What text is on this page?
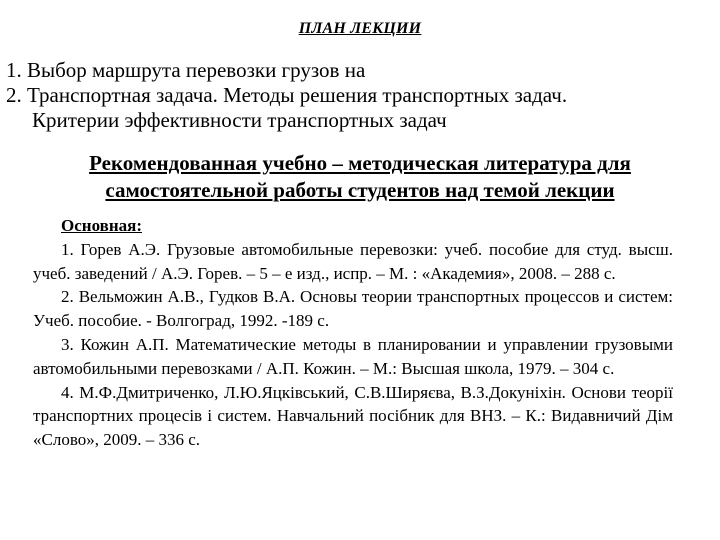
ПЛАН ЛЕКЦИИ
1. Выбор маршрута перевозки грузов на
2. Транспортная задача. Методы решения транспортных задач.
Критерии эффективности транспортных задач
Рекомендованная учебно – методическая литература для
самостоятельной работы студентов над темой лекции

Основная:

1. Горев А.Э. Грузовые автомобильные перевозки: учеб. пособие для студ. высш. учеб. заведений / А.Э. Горев. – 5 – е изд., испр. – М. : «Академия», 2008. – 288 с.

2. Вельможин А.В., Гудков В.А. Основы теории транспортных процессов и систем: Учеб. пособие. - Волгоград, 1992. -189 с.

3. Кожин А.П. Математические методы в планировании и управлении грузовыми автомобильными перевозками / А.П. Кожин. – М.: Высшая школа, 1979. – 304 с.

4. М.Ф.Дмитриченко, Л.Ю.Яцківський, С.В.Ширяєва, В.З.Докуніхін. Основи теорії транспортних процесів і систем. Навчальний посібник для ВНЗ. – К.: Видавничий Дім «Слово», 2009. – 336 с.
